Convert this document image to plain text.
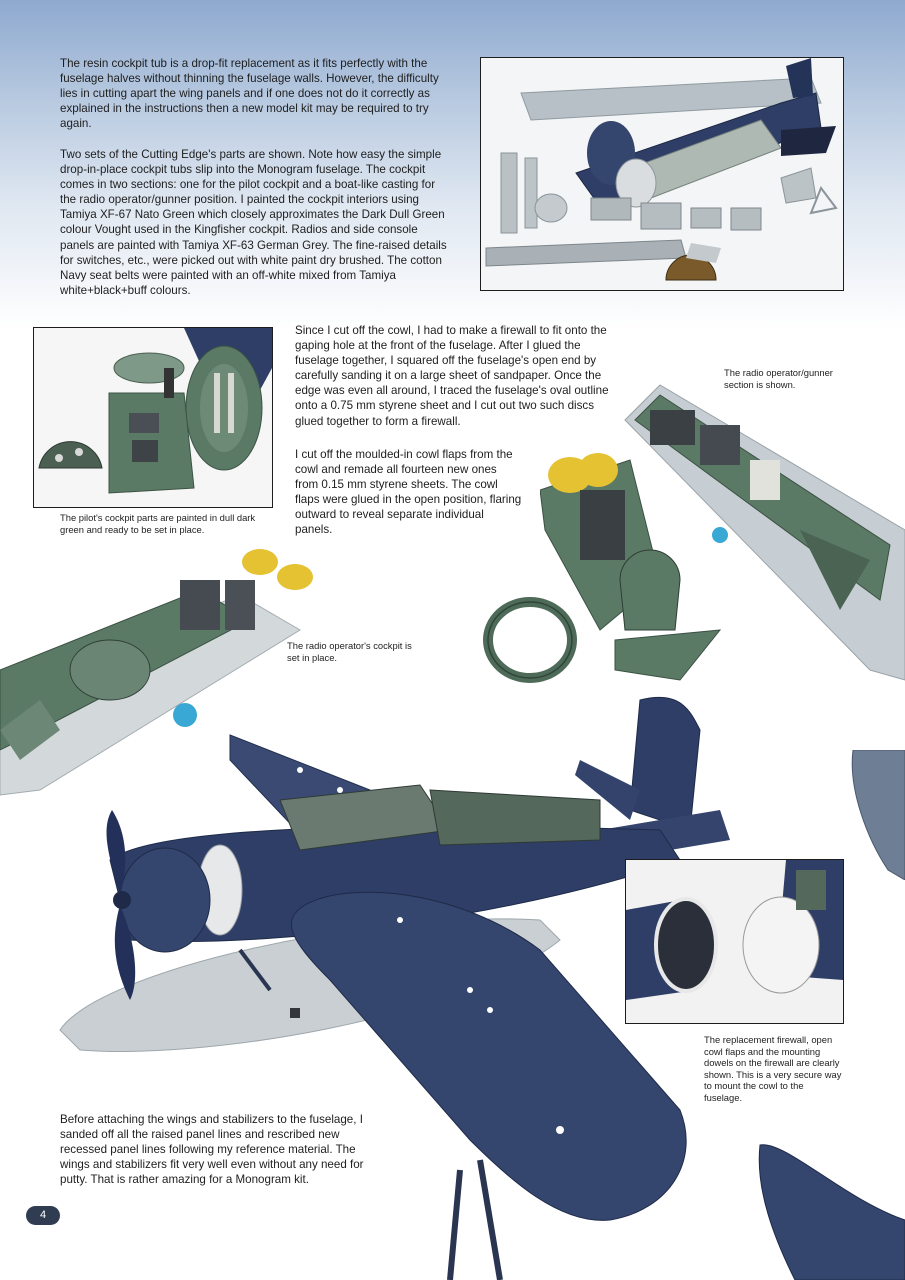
The resin cockpit tub is a drop-fit replacement as it fits perfectly with the fuselage halves without thinning the fuselage walls. However, the difficulty lies in cutting apart the wing panels and if one does not do it correctly as explained in the instructions then a new model kit may be required to try again.

Two sets of the Cutting Edge's parts are shown. Note how easy the simple drop-in-place cockpit tubs slip into the Monogram fuselage. The cockpit comes in two sections: one for the pilot cockpit and a boat-like casting for the radio operator/gunner position. I painted the cockpit interiors using Tamiya XF-67 Nato Green which closely approximates the Dark Dull Green colour Vought used in the Kingfisher cockpit. Radios and side console panels are painted with Tamiya XF-63 German Grey. The fine-raised details for switches, etc., were picked out with white paint dry brushed. The cotton Navy seat belts were painted with an off-white mixed from Tamiya white+black+buff colours.

The pilot's cockpit parts are painted in dull dark green and ready to be set in place.

Since I cut off the cowl, I had to make a firewall to fit onto the gaping hole at the front of the fuselage. After I glued the fuselage together, I squared off the fuselage's open end by carefully sanding it on a large sheet of sandpaper. Once the edge was even all around, I traced the fuselage's oval outline onto a 0.75 mm styrene sheet and I cut out two such discs glued together to form a firewall.

I cut off the moulded-in cowl flaps from the cowl and remade all fourteen new ones from 0.15 mm styrene sheets. The cowl flaps were glued in the open position, flaring outward to reveal separate individual panels.

The radio operator/gunner section is shown.

The radio operator's cockpit is set in place.

The replacement firewall, open cowl flaps and the mounting dowels on the firewall are clearly shown. This is a very secure way to mount the cowl to the fuselage.

Before attaching the wings and stabilizers to the fuselage, I sanded off all the raised panel lines and rescribed new recessed panel lines following my reference material. The wings and stabilizers fit very well even without any need for putty. That is rather amazing for a Monogram kit.

4
